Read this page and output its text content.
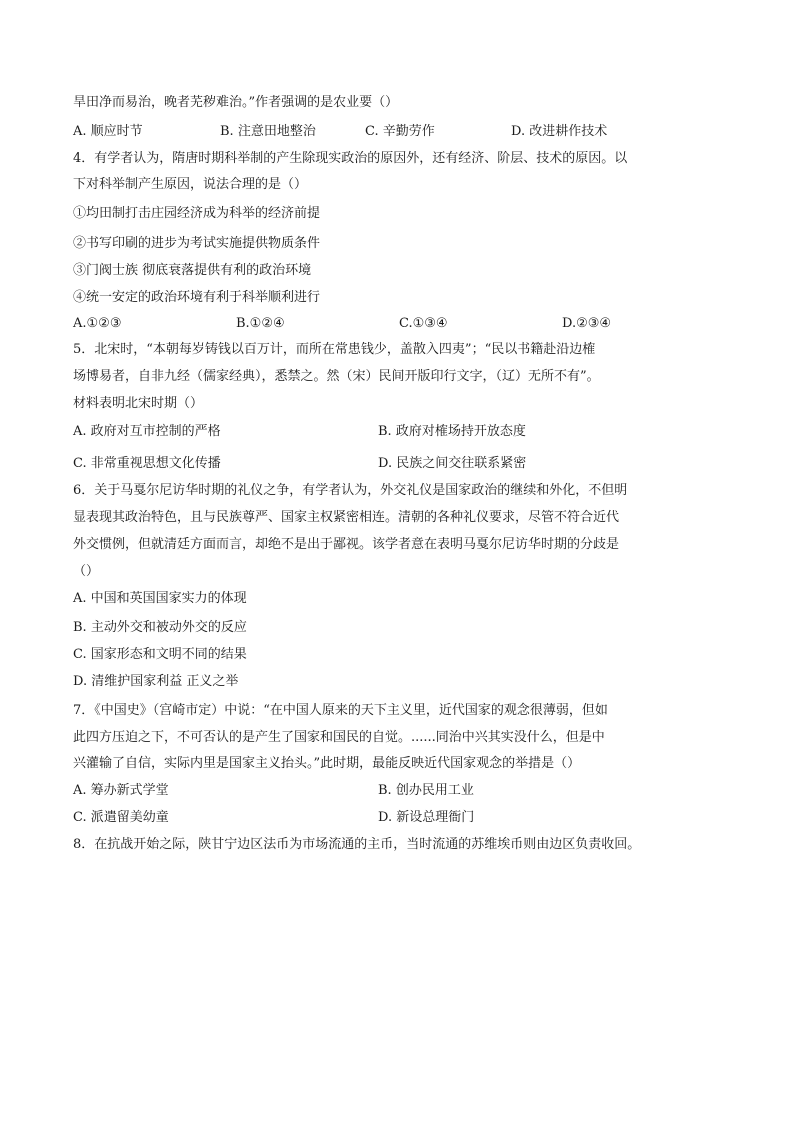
旱田净而易治，晚者芜秽难治。”作者强调的是农业要（）

A. 顺应时节	B. 注意田地整治	C. 辛勤劳作	D. 改进耕作技术

4．有学者认为，隋唐时期科举制的产生除现实政治的原因外，还有经济、阶层、技术的原因。以

下对科举制产生原因，说法合理的是（）

①均田制打击庄园经济成为科举的经济前提

②书写印刷的进步为考试实施提供物质条件

③门阀士族 彻底衰落提供有利的政治环境

④统一安定的政治环境有利于科举顺利进行

A.①②③	B.①②④	C.①③④	D.②③④

5．北宋时，“本朝每岁铸钱以百万计，而所在常患钱少，盖散入四夷”；“民以书籍赴沿边榷

场博易者，自非九经（儒家经典），悉禁之。然（宋）民间开版印行文字，（辽）无所不有”。

材料表明北宋时期（）

A. 政府对互市控制的严格	B. 政府对榷场持开放态度

C. 非常重视思想文化传播	D. 民族之间交往联系紧密

6．关于马戛尔尼访华时期的礼仪之争，有学者认为，外交礼仪是国家政治的继续和外化，不但明

显表现其政治特色，且与民族尊严、国家主权紧密相连。清朝的各种礼仪要求，尽管不符合近代

外交惯例，但就清廷方面而言，却绝不是出于鄙视。该学者意在表明马戛尔尼访华时期的分歧是

（）

A. 中国和英国国家实力的体现

B. 主动外交和被动外交的反应

C. 国家形态和文明不同的结果

D. 清维护国家利益 正义之举

7．《中国史》（宫崎市定）中说：“在中国人原来的天下主义里，近代国家的观念很薄弱，但如

此四方压迫之下，不可否认的是产生了国家和国民的自觉。......同治中兴其实没什么，但是中

兴灌输了自信，实际内里是国家主义抬头。”此时期，最能反映近代国家观念的举措是（）

A. 筹办新式学堂	B. 创办民用工业

C. 派遣留美幼童	D. 新设总理衙门

8．在抗战开始之际，陕甘宁边区法币为市场流通的主币，当时流通的苏维埃币则由边区负责收回。
